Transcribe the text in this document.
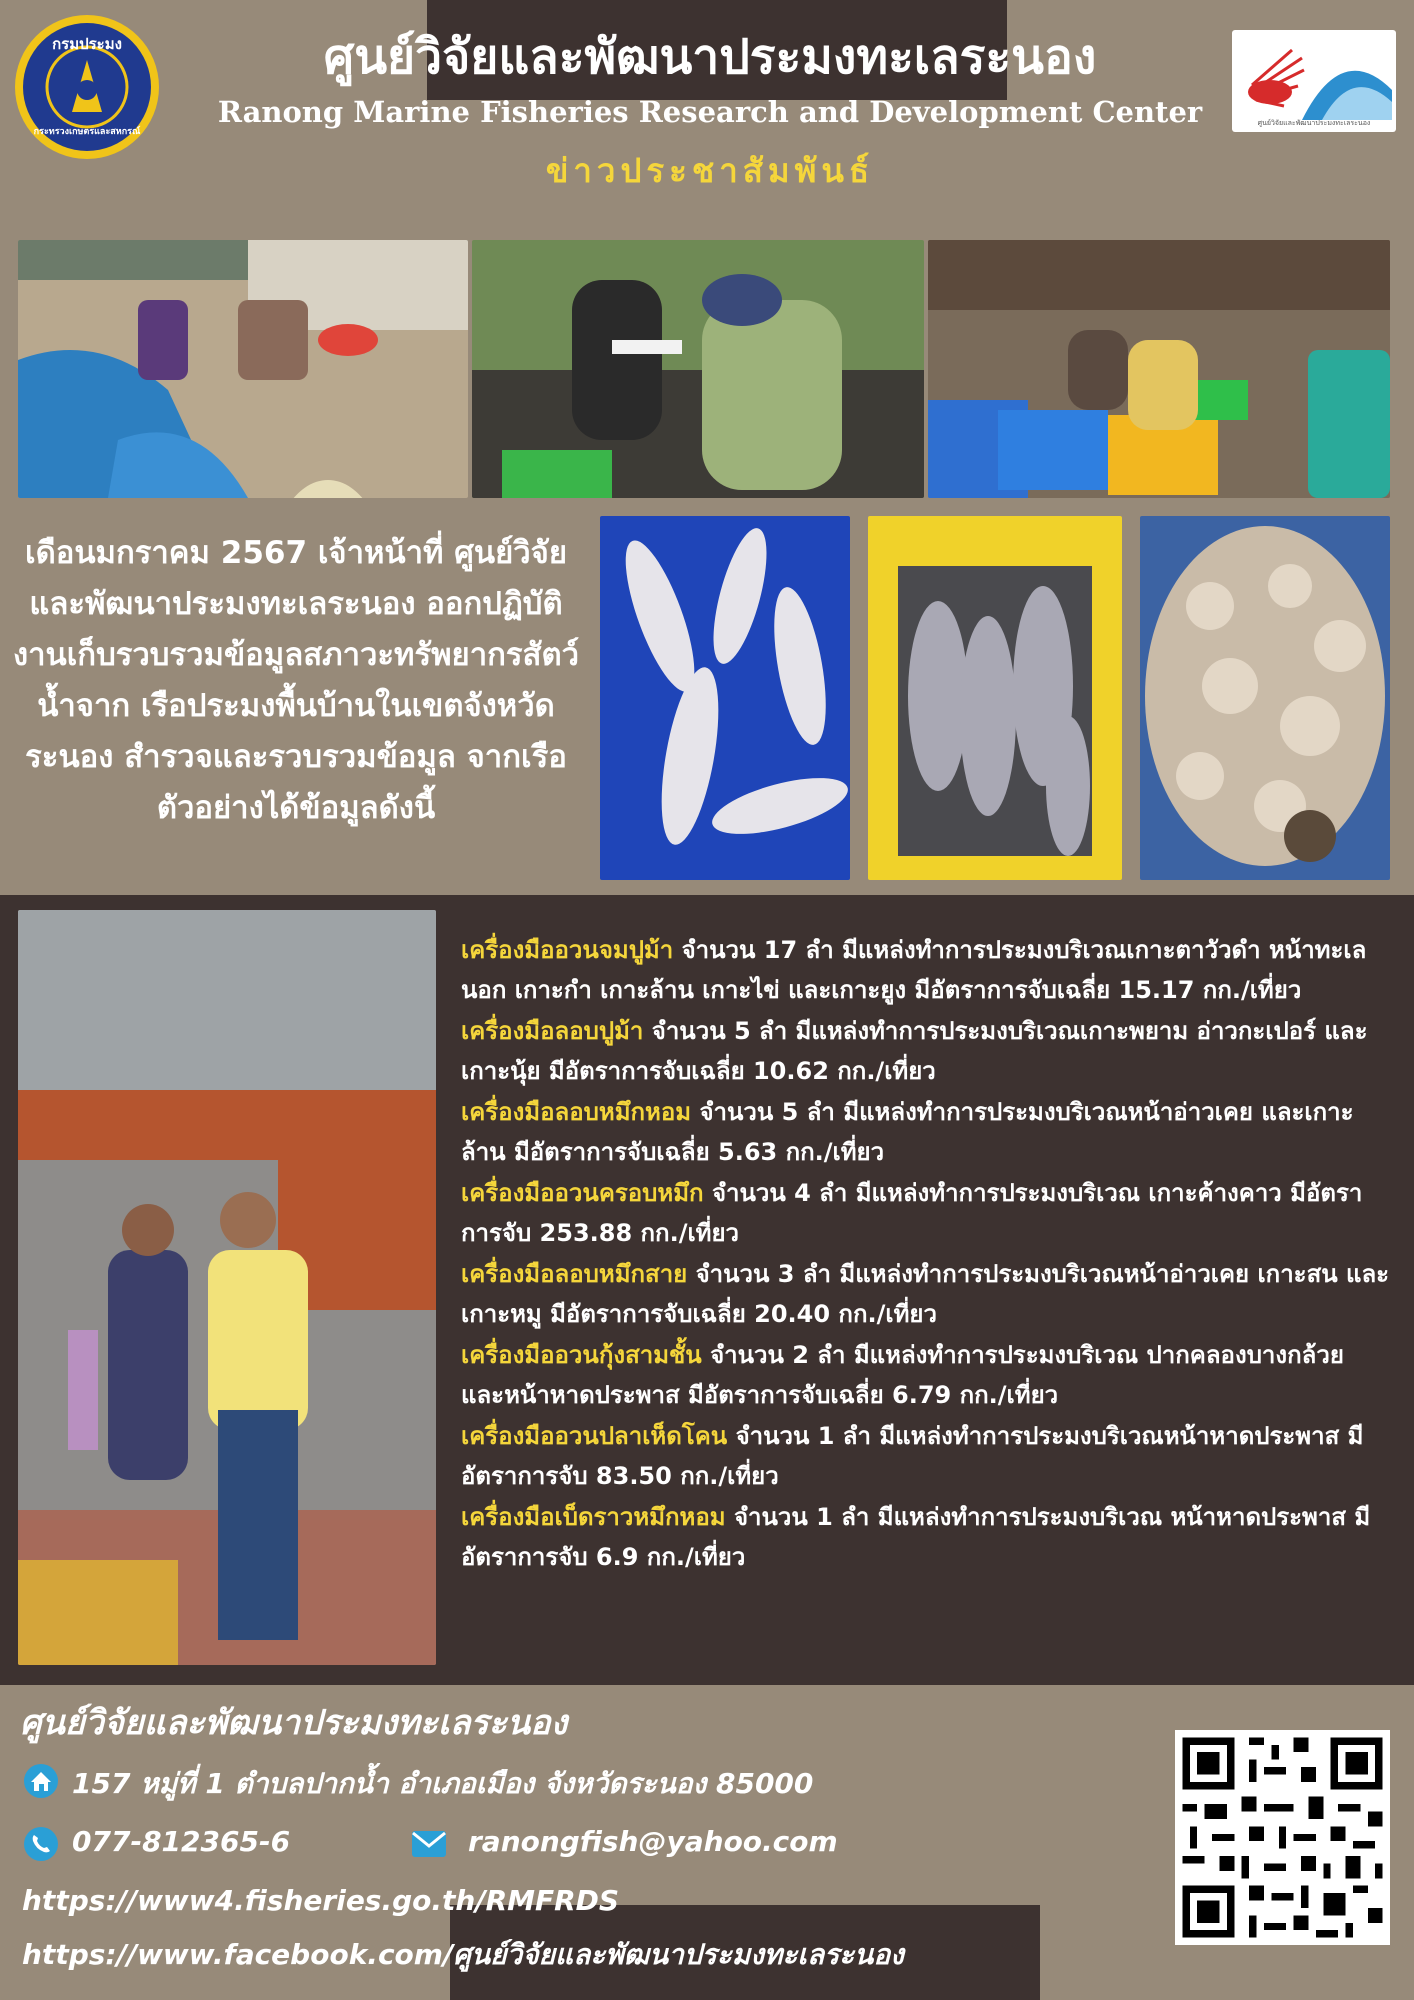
กรมประมง
กระทรวงเกษตรและสหกรณ์
ศูนย์วิจัยและพัฒนาประมงทะเลระนอง
ศูนย์วิจัยและพัฒนาประมงทะเลระนอง
Ranong Marine Fisheries Research and Development Center
ข่าวประชาสัมพันธ์

เดือนมกราคม 2567 เจ้าหน้าที่ ศูนย์วิจัยและพัฒนาประมงทะเลระนอง ออกปฏิบัติงานเก็บรวบรวมข้อมูลสภาวะทรัพยากรสัตว์น้ำจาก เรือประมงพื้นบ้านในเขตจังหวัด ระนอง สำรวจและรวบรวมข้อมูล จากเรือตัวอย่างได้ข้อมูลดังนี้

เครื่องมืออวนจมปูม้า จำนวน 17 ลำ มีแหล่งทำการประมงบริเวณเกาะตาวัวดำ หน้าทะเลนอก เกาะกำ เกาะล้าน เกาะไข่ และเกาะยูง มีอัตราการจับเฉลี่ย 15.17 กก./เที่ยว
เครื่องมือลอบปูม้า จำนวน 5 ลำ มีแหล่งทำการประมงบริเวณเกาะพยาม อ่าวกะเปอร์ และเกาะนุ้ย มีอัตราการจับเฉลี่ย 10.62 กก./เที่ยว
เครื่องมือลอบหมึกหอม จำนวน 5 ลำ มีแหล่งทำการประมงบริเวณหน้าอ่าวเคย และเกาะล้าน มีอัตราการจับเฉลี่ย 5.63 กก./เที่ยว
เครื่องมืออวนครอบหมึก จำนวน 4 ลำ มีแหล่งทำการประมงบริเวณ เกาะค้างคาว มีอัตราการจับ 253.88 กก./เที่ยว
เครื่องมือลอบหมึกสาย จำนวน 3 ลำ มีแหล่งทำการประมงบริเวณหน้าอ่าวเคย เกาะสน และเกาะหมู มีอัตราการจับเฉลี่ย 20.40 กก./เที่ยว
เครื่องมืออวนกุ้งสามชั้น จำนวน 2 ลำ มีแหล่งทำการประมงบริเวณ ปากคลองบางกล้วย และหน้าหาดประพาส มีอัตราการจับเฉลี่ย 6.79 กก./เที่ยว
เครื่องมืออวนปลาเห็ดโคน จำนวน 1 ลำ มีแหล่งทำการประมงบริเวณหน้าหาดประพาส มีอัตราการจับ 83.50 กก./เที่ยว
เครื่องมือเบ็ดราวหมึกหอม จำนวน 1 ลำ มีแหล่งทำการประมงบริเวณ หน้าหาดประพาส มีอัตราการจับ 6.9 กก./เที่ยว
ศูนย์วิจัยและพัฒนาประมงทะเลระนอง
157 หมู่ที่ 1 ตำบลปากน้ำ อำเภอเมือง จังหวัดระนอง 85000
077-812365-6	ranongfish@yahoo.com
https://www4.fisheries.go.th/RMFRDS
https://www.facebook.com/ศูนย์วิจัยและพัฒนาประมงทะเลระนอง
